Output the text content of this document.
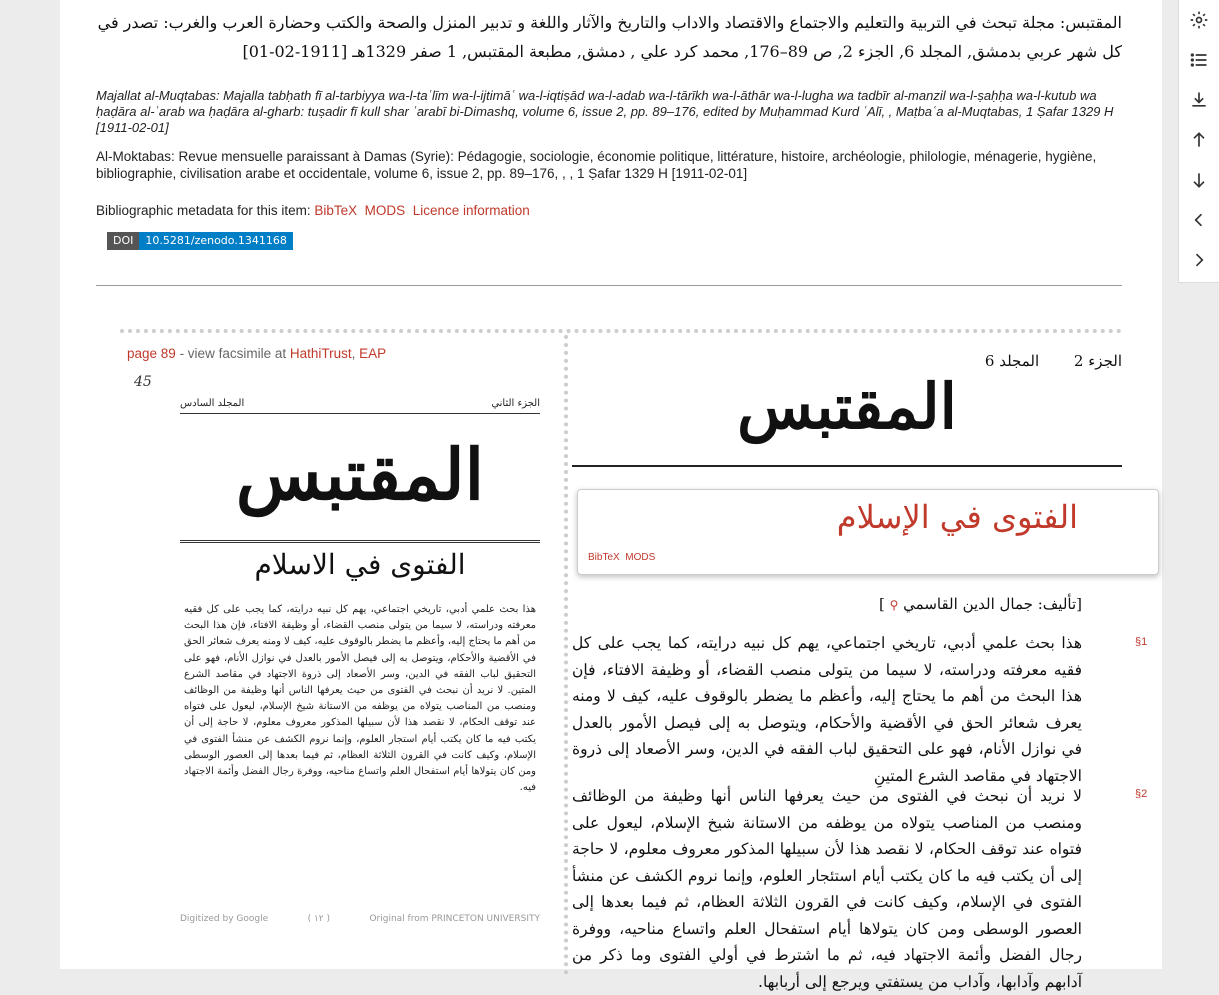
المقتبس: مجلة تبحث في التربية والتعليم والاجتماع والاقتصاد والاداب والتاريخ والآثار واللغة و تدبير المنزل والصحة والكتب وحضارة العرب والغرب: تصدر في كل شهر عربي بدمشق, المجلد 6, الجزء 2, ص 89–176, محمد كرد علي , دمشق, مطبعة المقتبس, 1 صفر 1329هـ [1911-02-01]
Majallat al-Muqtabas: Majalla tabḥath fī al-tarbiyya wa-l-taʿlīm wa-l-ijtimāʿ wa-l-iqtiṣād wa-l-adab wa-l-tārīkh wa-l-āthār wa-l-lugha wa tadbīr al-manzil wa-l-ṣaḥḥa wa-l-kutub wa ḥaḍāra al-ʿarab wa ḥaḍāra al-gharb: tuṣadir fī kull shar ʿarabī bi-Dimashq, volume 6, issue 2, pp. 89–176, edited by Muḥammad Kurd ʿAlī, , Maṭbaʿa al-Muqtabas, 1 Ṣafar 1329 H [1911-02-01]
Al-Moktabas: Revue mensuelle paraissant à Damas (Syrie): Pédagogie, sociologie, économie politique, littérature, histoire, archéologie, philologie, ménagerie, hygiène, bibliographie, civilisation arabe et occidentale, volume 6, issue 2, pp. 89–176, , , 1 Ṣafar 1329 H [1911-02-01]
Bibliographic metadata for this item: BibTeX MODS Licence information
DOI	10.5281/zenodo.1341168
page 89 - view facsimile at HathiTrust, EAP
45
الجزء الثاني
المجلد السادس
المقتبس
الفتوى في الاسلام
هذا بحث علمي أدبي، تاريخي اجتماعي، يهم كل نبيه درايته، كما يجب على كل فقيه معرفته ودراسته، لا سيما من يتولى منصب القضاء، أو وظيفة الافتاء، فإن هذا البحث من أهم ما يحتاج إليه، وأعظم ما يضطر بالوقوف عليه، كيف لا ومنه يعرف شعائر الحق في الأقضية والأحكام، ويتوصل به إلى فيصل الأمور بالعدل في نوازل الأنام، فهو على التحقيق لباب الفقه في الدين، وسر الأصعاد إلى ذروة الاجتهاد في مقاصد الشرع المتين. لا نريد أن نبحث في الفتوى من حيث يعرفها الناس أنها وظيفة من الوظائف ومنصب من المناصب يتولاه من يوظفه من الاستانة شيخ الإسلام، ليعول على فتواه عند توقف الحكام، لا نقصد هذا لأن سبيلها المذكور معروف معلوم، لا حاجة إلى أن يكتب فيه ما كان يكتب أيام استجار العلوم، وإنما نروم الكشف عن منشأ الفتوى في الإسلام، وكيف كانت في القرون الثلاثة العظام، ثم فيما بعدها إلى العصور الوسطى ومن كان يتولاها أيام استفحال العلم واتساع مناحيه، ووفرة رجال الفضل وأئمة الاجتهاد فيه.
Digitized by Google	( ١٢ )	Original from PRINCETON UNIVERSITY
الجزء 2 المجلد 6
المقتبس
[تأليف: جمال الدين القاسمي ⚲ ]
§1
هذا بحث علمي أدبي، تاريخي اجتماعي، يهم كل نبيه درايته، كما يجب على كل فقيه معرفته ودراسته، لا سيما من يتولى منصب القضاء، أو وظيفة الافتاء، فإن هذا البحث من أهم ما يحتاج إليه، وأعظم ما يضطر بالوقوف عليه، كيف لا ومنه يعرف شعائر الحق في الأقضية والأحكام، ويتوصل به إلى فيصل الأمور بالعدل في نوازل الأنام، فهو على التحقيق لباب الفقه في الدين، وسر الأصعاد إلى ذروة الاجتهاد في مقاصد الشرع المتينِ
§2
لا نريد أن نبحث في الفتوى من حيث يعرفها الناس أنها وظيفة من الوظائف ومنصب من المناصب يتولاه من يوظفه من الاستانة شيخ الإسلام، ليعول على فتواه عند توقف الحكام، لا نقصد هذا لأن سبيلها المذكور معروف معلوم، لا حاجة إلى أن يكتب فيه ما كان يكتب أيام استئجار العلوم، وإنما نروم الكشف عن منشأ الفتوى في الإسلام، وكيف كانت في القرون الثلاثة العظام، ثم فيما بعدها إلى العصور الوسطى ومن كان يتولاها أيام استفحال العلم واتساع مناحيه، ووفرة رجال الفضل وأئمة الاجتهاد فيه، ثم ما اشترط في أولي الفتوى وما ذكر من آدابهم وآدابها، وآداب من يستفتي ويرجع إلى أربابها.
الفتوى في الإسلام
BibTeX MODS
